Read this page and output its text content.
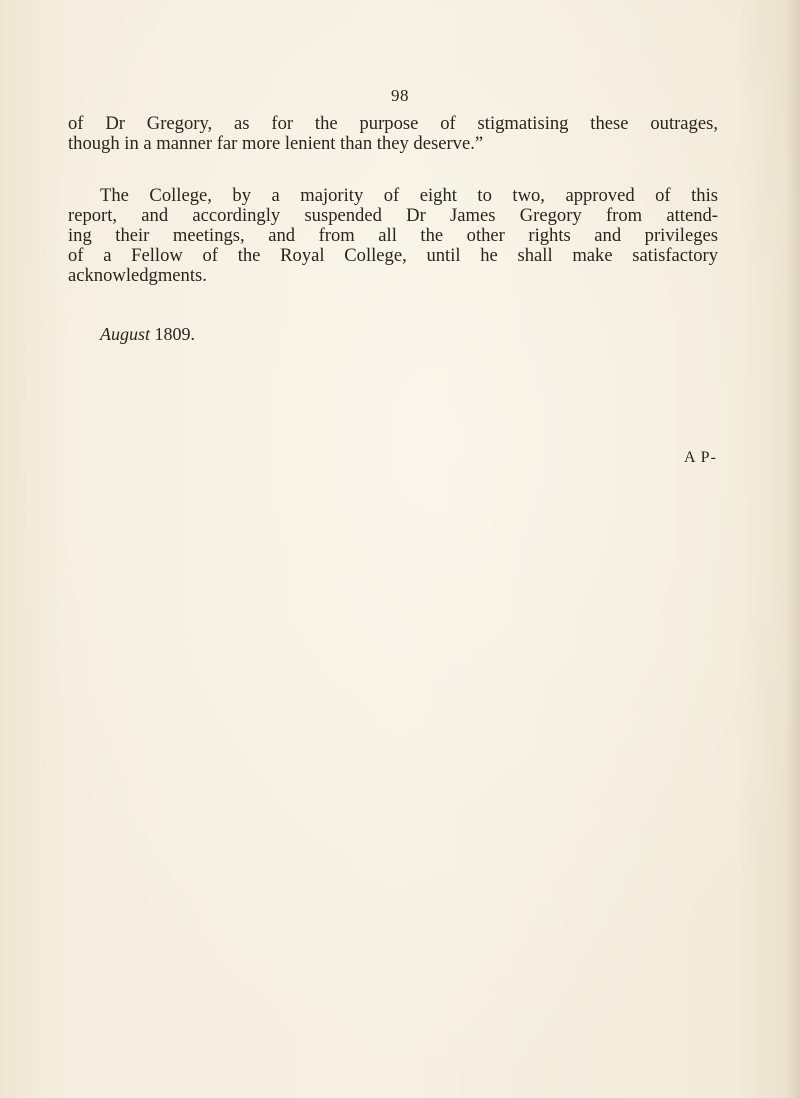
98
of Dr Gregory, as for the purpose of stigmatising these outrages,
though in a manner far more lenient than they deserve.”
The College, by a majority of eight to two, approved of this
report, and accordingly suspended Dr James Gregory from attend-
ing their meetings, and from all the other rights and privileges
of a Fellow of the Royal College, until he shall make satisfactory
acknowledgments.
August 1809.
A P-
